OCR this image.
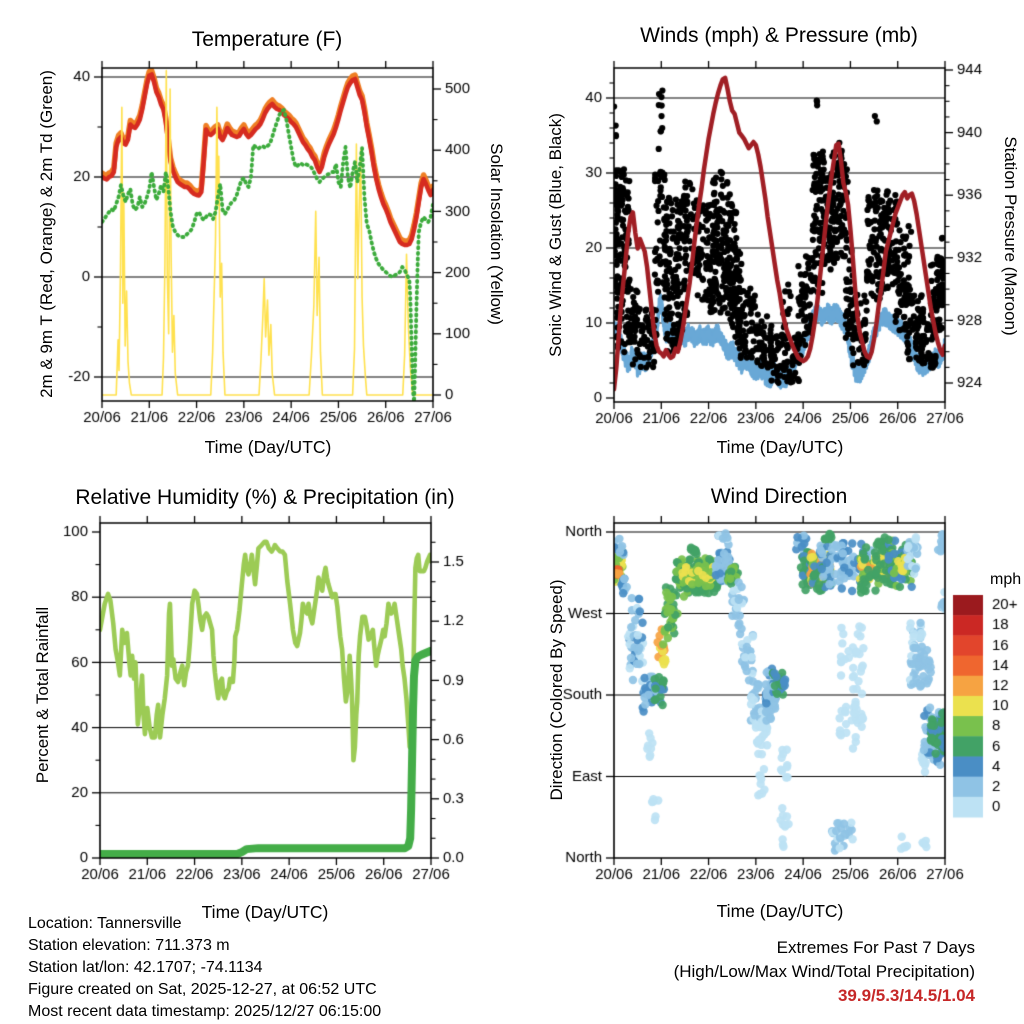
Temperature (F)	Winds (mph) & Pressure (mb)
Relative Humidity (%) & Precipitation (in)	Wind Direction
Time (Day/UTC)	Time (Day/UTC)
Time (Day/UTC)	Time (Day/UTC)
2m & 9m T (Red, Orange) & 2m Td (Green)	Solar Insolation (Yellow) Sonic Wind & Gust (Blue, Black)	Station Pressure (Maroon)
Percent & Total Rainfall	Direction (Colored By Speed)	mph
Location: Tannersville
Station elevation: 711.373 m
Station lat/lon: 42.1707; -74.1134
Figure created on Sat, 2025-12-27, at 06:52 UTC
Most recent data timestamp: 2025/12/27 06:15:00
Extremes For Past 7 Days
(High/Low/Max Wind/Total Precipitation)
39.9/5.3/14.5/1.04
